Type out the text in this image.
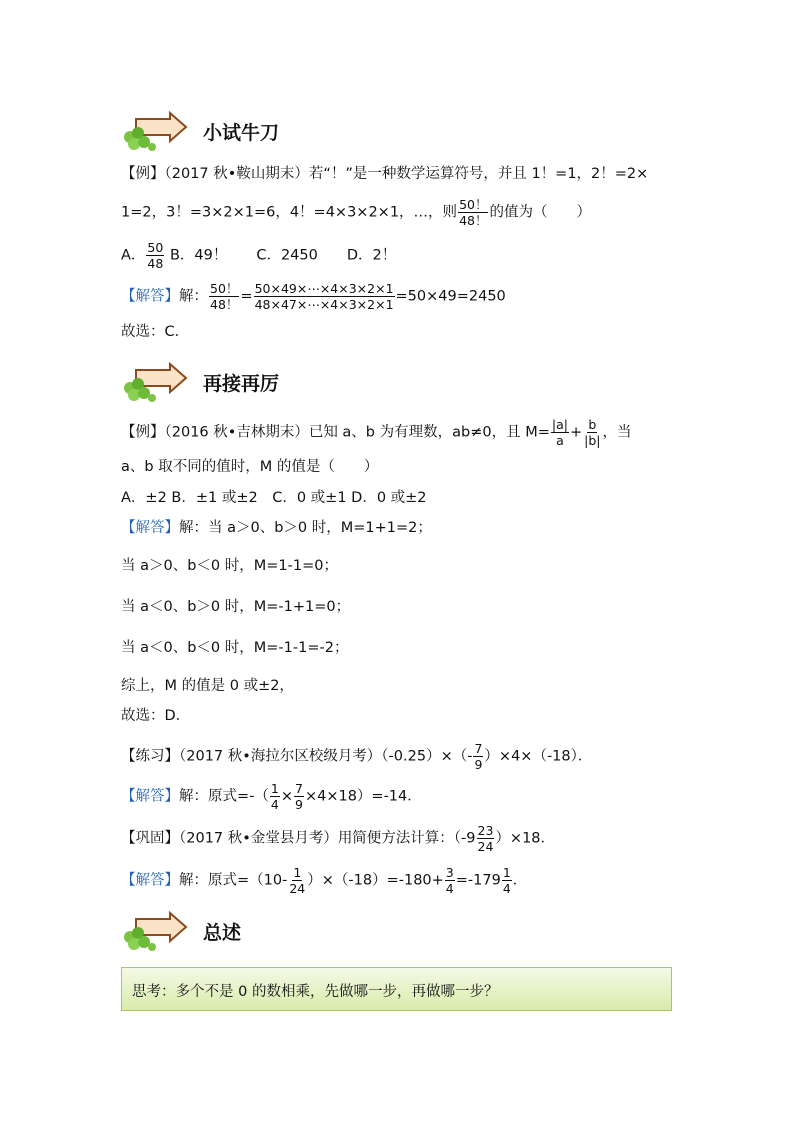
小试牛刀
【例】（2017 秋•鞍山期末）若“！”是一种数学运算符号，并且 1！=1，2！=2×
1=2，3！=3×2×1=6，4！=4×3×2×1，…，则 $\frac{50!}{48!}$ 的值为（　　）
A． $\frac{50}{48}$ B．49！　　C．2450　　D．2！
【解答】解： $\frac{50!}{48!} = \frac{50\times 49\times\cdots\times 4\times 3\times 2\times 1}{48\times 47\times\cdots\times 4\times 3\times 2\times 1} =50\times 49=2450$
故选：C．
再接再厉
【例】（2016 秋•吉林期末）已知 a、b 为有理数，ab≠0，且 $M= \frac{|a|}{a} + \frac{b}{|b|}$ ，当
a、b 取不同的值时，M 的值是（　　）
A．±2 B．±1 或±2　C．0 或±1 D．0 或±2
【解答】解：当 a＞0、b＞0 时，M=1+1=2；
当 a＞0、b＜0 时，M=1-1=0；
当 a＜0、b＞0 时，M=-1+1=0；
当 a＜0、b＜0 时，M=-1-1=-2；
综上，M 的值是 0 或±2，
故选：D．
【练习】（2017 秋•海拉尔区校级月考）$(-0.25)\times(- \frac{7}{9} )\times 4\times(-18)$．
【解答】解：原式=-（ $\frac{1}{4} \times \frac{7}{9} \times 4\times 18)=-14$．
【巩固】（2017 秋•金堂县月考）用简便方法计算：$(-9 \frac{23}{24} )\times 18$．
【解答】解：原式$=(10- \frac{1}{24} )\times(-18)=-180+ \frac{3}{4} =-179 \frac{1}{4}$ ．
总述
思考：多个不是 0 的数相乘，先做哪一步，再做哪一步？
